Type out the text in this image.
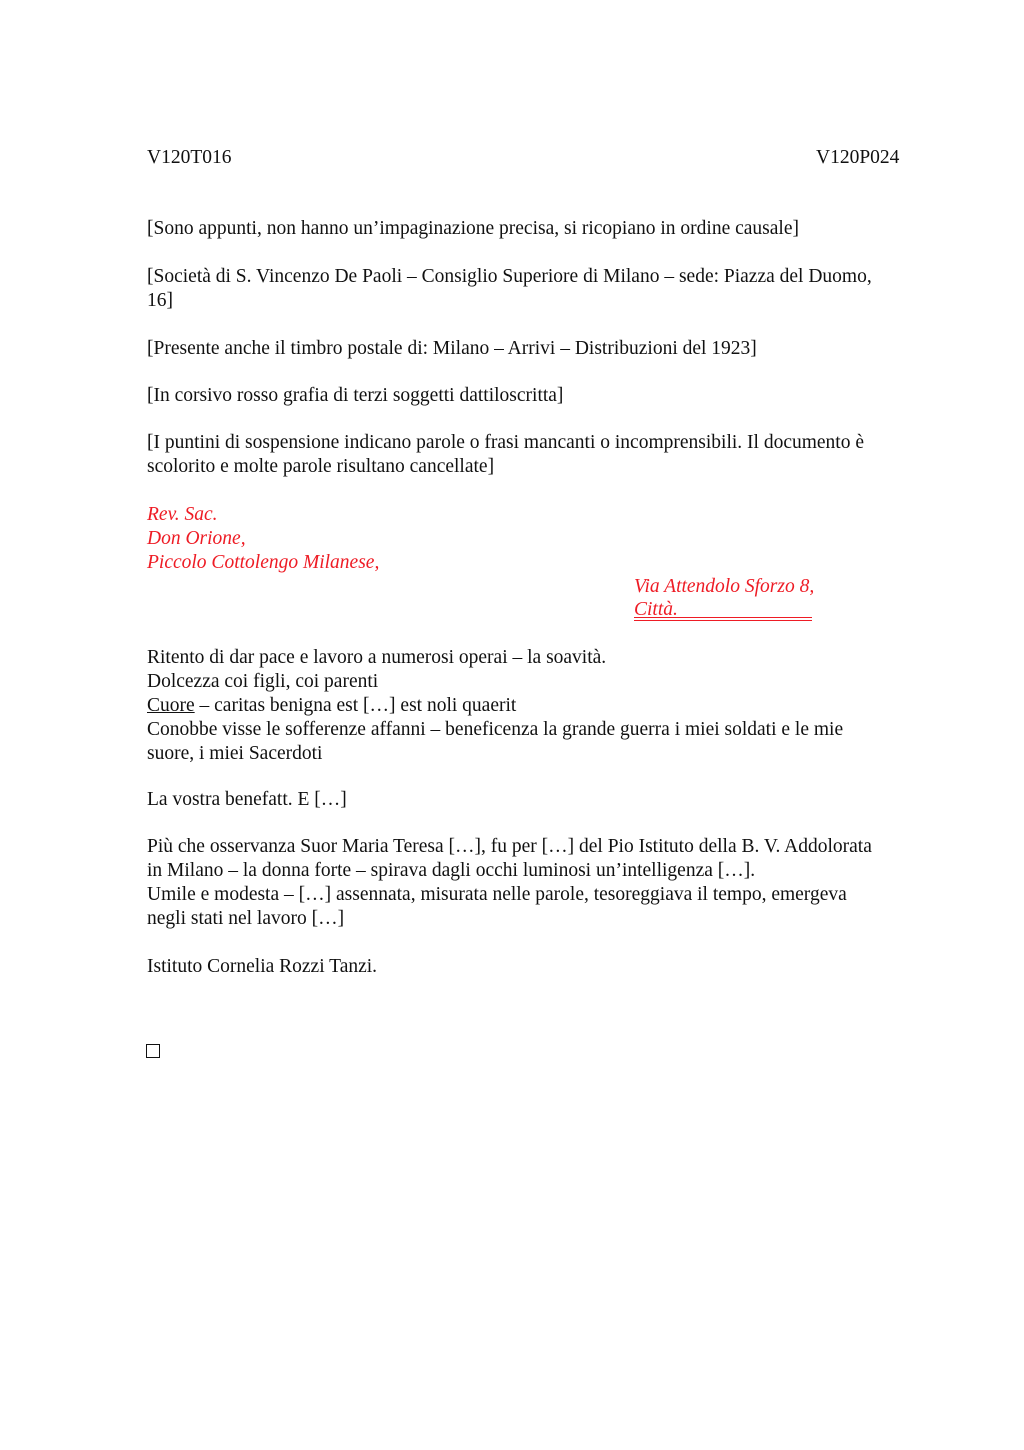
V120T016	V120P024
[Sono appunti, non hanno un’impaginazione precisa, si ricopiano in ordine causale]
[Società di S. Vincenzo De Paoli – Consiglio Superiore di Milano – sede: Piazza del Duomo,
16]
[Presente anche il timbro postale di: Milano – Arrivi – Distribuzioni del 1923]
[In corsivo rosso grafia di terzi soggetti dattiloscritta]
[I puntini di sospensione indicano parole o frasi mancanti o incomprensibili. Il documento è
scolorito e molte parole risultano cancellate]
Rev. Sac.
Don Orione,
Piccolo Cottolengo Milanese,
Via Attendolo Sforzo 8,
Città.
Ritento di dar pace e lavoro a numerosi operai – la soavità.
Dolcezza coi figli, coi parenti
Cuore – caritas benigna est […] est noli quaerit
Conobbe visse le sofferenze affanni – beneficenza la grande guerra i miei soldati e le mie
suore, i miei Sacerdoti
La vostra benefatt. E […]
Più che osservanza Suor Maria Teresa […], fu per […] del Pio Istituto della B. V. Addolorata
in Milano – la donna forte – spirava dagli occhi luminosi un’intelligenza […].
Umile e modesta – […] assennata, misurata nelle parole, tesoreggiava il tempo, emergeva
negli stati nel lavoro […]
Istituto Cornelia Rozzi Tanzi.
